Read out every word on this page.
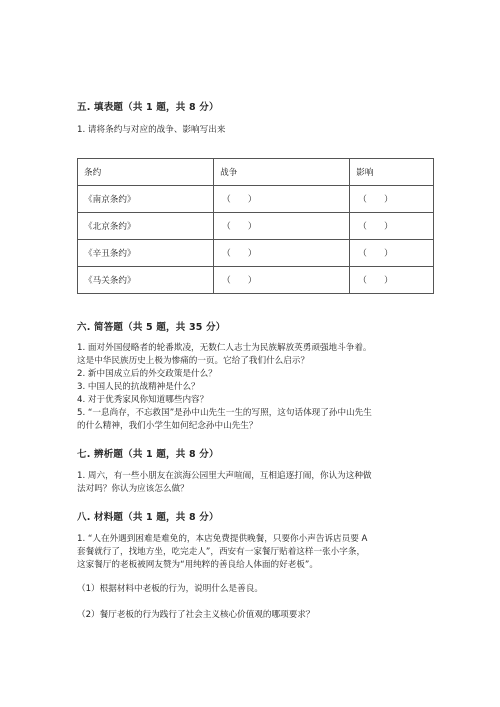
五. 填表题（共 1 题，共 8 分）
1. 请将条约与对应的战争、影响写出来
条约	战争	影响
《南京条约》	（　　）	（　　）
《北京条约》	（　　）	（　　）
《辛丑条约》	（　　）	（　　）
《马关条约》	（　　）	（　　）
六. 简答题（共 5 题，共 35 分）
1. 面对外国侵略者的轮番欺凌，无数仁人志士为民族解放英勇顽强地斗争着。
这是中华民族历史上极为惨痛的一页。它给了我们什么启示？
2. 新中国成立后的外交政策是什么？
3. 中国人民的抗战精神是什么？
4. 对于优秀家风你知道哪些内容？
5. “一息尚存，不忘救国”是孙中山先生一生的写照，这句话体现了孙中山先生
的什么精神，我们小学生如何纪念孙中山先生？
七. 辨析题（共 1 题，共 8 分）
1. 周六，有一些小朋友在滨海公园里大声喧闹，互相追逐打闹，你认为这种做
法对吗？你认为应该怎么做？
八. 材料题（共 1 题，共 8 分）
1. “人在外遇到困难是难免的，本店免费提供晚餐，只要你小声告诉店员要 A
套餐就行了，找地方坐，吃完走人”，西安有一家餐厅贴着这样一张小字条，
这家餐厅的老板被网友赞为“用纯粹的善良给人体面的好老板”。
（1）根据材料中老板的行为，说明什么是善良。
（2）餐厅老板的行为践行了社会主义核心价值观的哪项要求？
